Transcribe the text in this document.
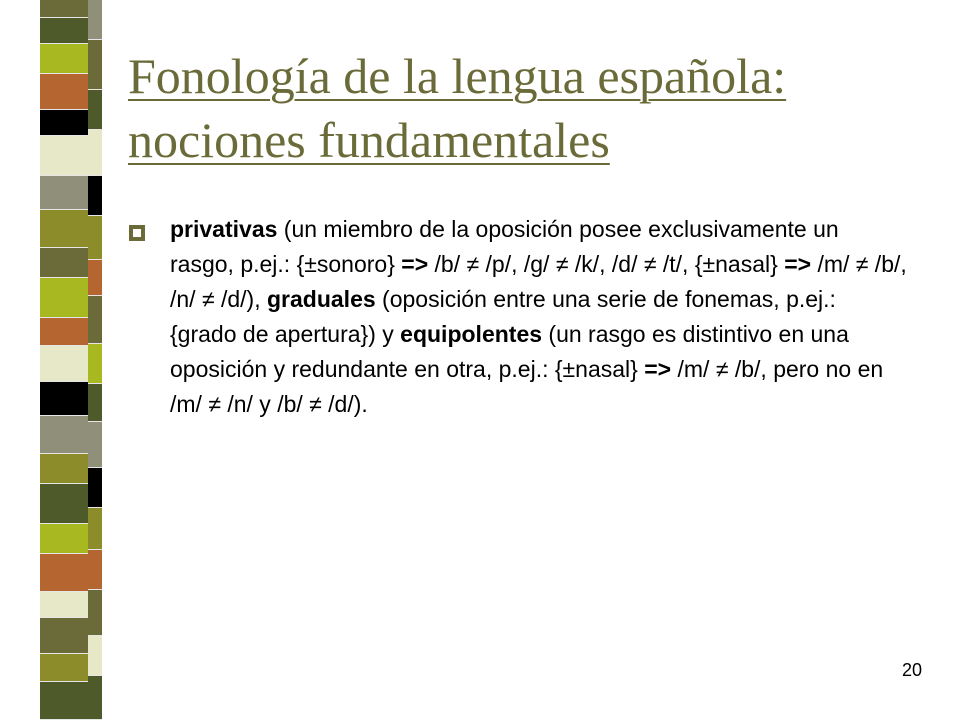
Fonología de la lengua española:
nociones fundamentales
privativas (un miembro de la oposición posee exclusivamente un rasgo, p.ej.: {±sonoro} => /b/ ≠ /p/, /g/ ≠ /k/, /d/ ≠ /t/, {±nasal} => /m/ ≠ /b/, /n/ ≠ /d/), graduales (oposición entre una serie de fonemas, p.ej.: {grado de apertura}) y equipolentes (un rasgo es distintivo en una oposición y redundante en otra, p.ej.: {±nasal} => /m/ ≠ /b/, pero no en /m/ ≠ /n/ y /b/ ≠ /d/).
20
